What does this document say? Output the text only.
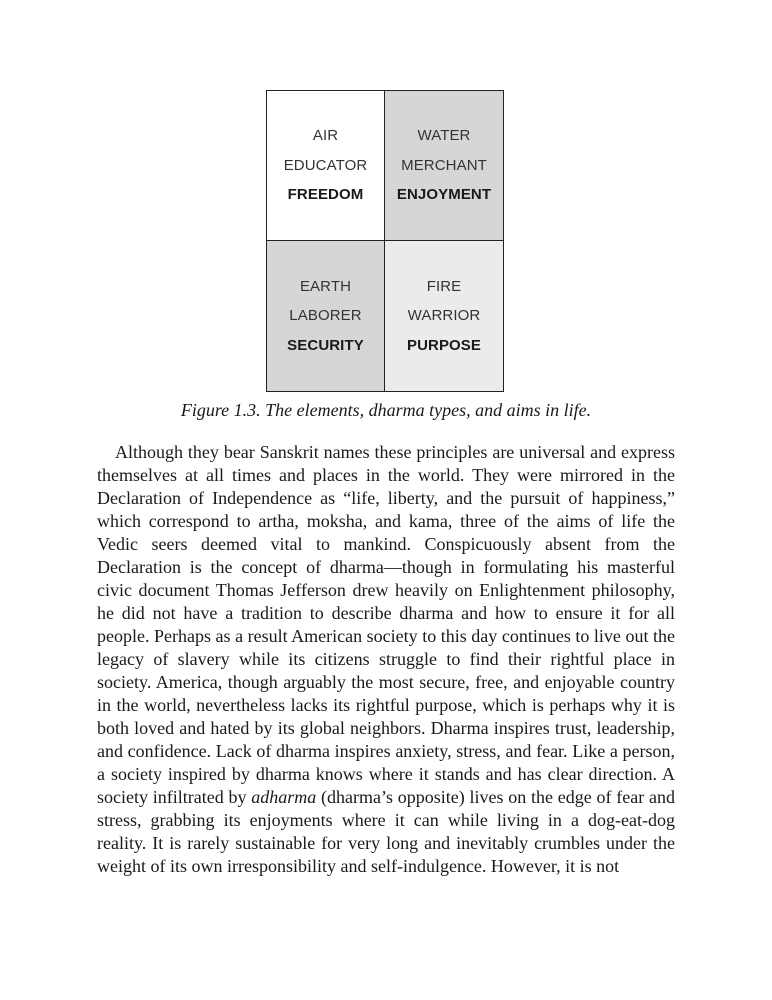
AIR
EDUCATOR
FREEDOM
WATER
MERCHANT
ENJOYMENT
EARTH
LABORER
SECURITY
FIRE
WARRIOR
PURPOSE
Figure 1.3. The elements, dharma types, and aims in life.

Although they bear Sanskrit names these principles are universal and express themselves at all times and places in the world. They were mirrored in the Declaration of Independence as “life, liberty, and the pursuit of happiness,” which correspond to artha, moksha, and kama, three of the aims of life the Vedic seers deemed vital to mankind. Conspicuously absent from the Declaration is the concept of dharma—though in formulating his masterful civic document Thomas Jefferson drew heavily on Enlightenment philosophy, he did not have a tradition to describe dharma and how to ensure it for all people. Perhaps as a result American society to this day continues to live out the legacy of slavery while its citizens struggle to find their rightful place in society. America, though arguably the most secure, free, and enjoyable country in the world, nevertheless lacks its rightful purpose, which is perhaps why it is both loved and hated by its global neighbors. Dharma inspires trust, leadership, and confidence. Lack of dharma inspires anxiety, stress, and fear. Like a person, a society inspired by dharma knows where it stands and has clear direction. A society infiltrated by adharma (dharma’s opposite) lives on the edge of fear and stress, grabbing its enjoyments where it can while living in a dog-eat-dog reality. It is rarely sustainable for very long and inevitably crumbles under the weight of its own irresponsibility and self-indulgence. However, it is not
